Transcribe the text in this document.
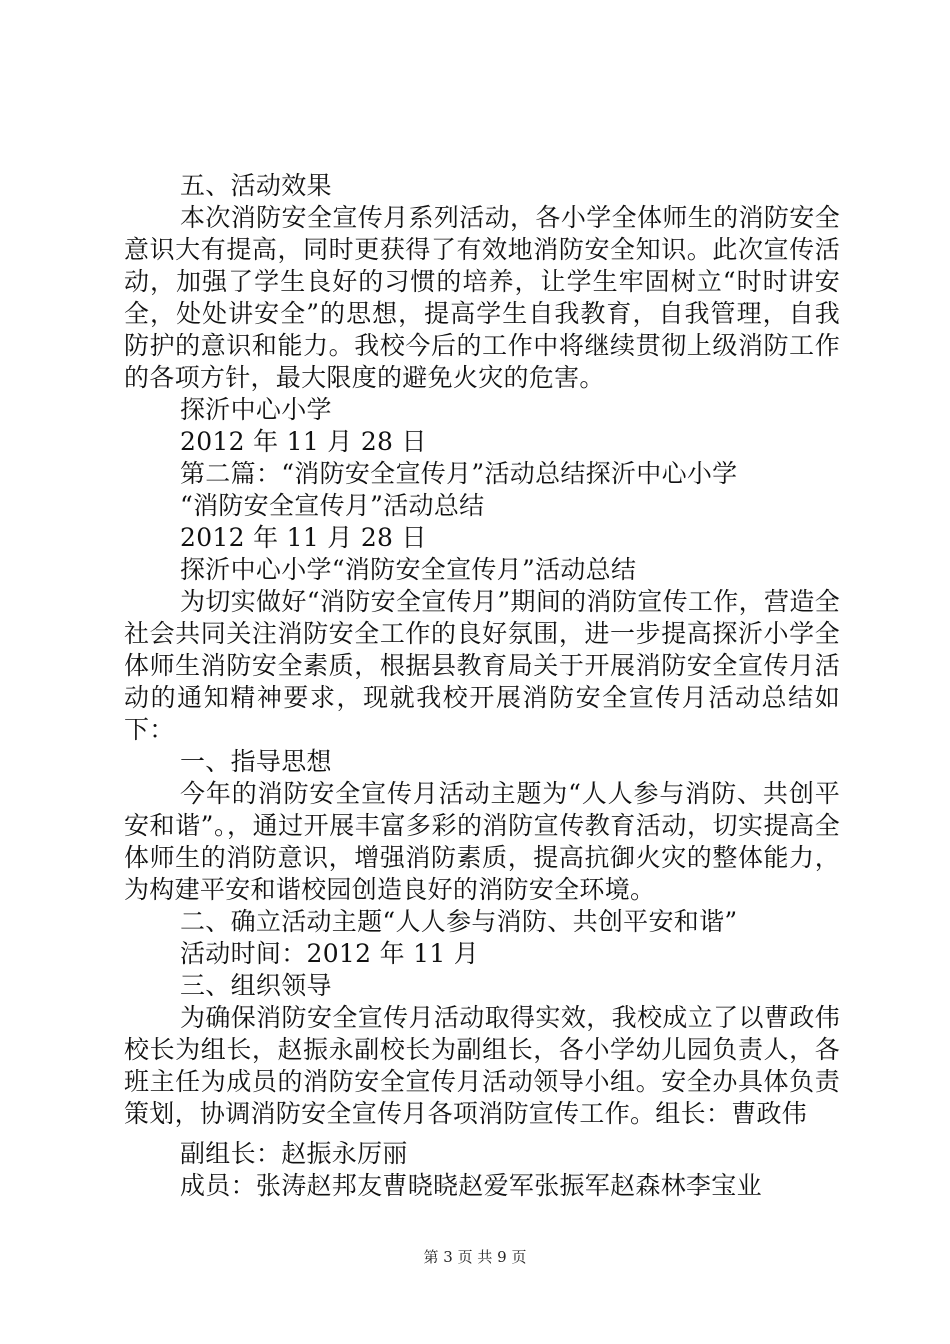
五、活动效果

本次消防安全宣传月系列活动，各小学全体师生的消防安全意识大有提高，同时更获得了有效地消防安全知识。此次宣传活动，加强了学生良好的习惯的培养，让学生牢固树立“时时讲安全，处处讲安全”的思想，提高学生自我教育，自我管理，自我防护的意识和能力。我校今后的工作中将继续贯彻上级消防工作的各项方针，最大限度的避免火灾的危害。

探沂中心小学

2012 年 11 月 28 日

第二篇：“消防安全宣传月”活动总结探沂中心小学

“消防安全宣传月”活动总结

2012 年 11 月 28 日

探沂中心小学“消防安全宣传月”活动总结

为切实做好“消防安全宣传月”期间的消防宣传工作，营造全社会共同关注消防安全工作的良好氛围，进一步提高探沂小学全体师生消防安全素质，根据县教育局关于开展消防安全宣传月活动的通知精神要求，现就我校开展消防安全宣传月活动总结如下：

一、指导思想

今年的消防安全宣传月活动主题为“人人参与消防、共创平安和谐”。，通过开展丰富多彩的消防宣传教育活动，切实提高全体师生的消防意识，增强消防素质，提高抗御火灾的整体能力，为构建平安和谐校园创造良好的消防安全环境。

二、确立活动主题“人人参与消防、共创平安和谐”

活动时间：2012 年 11 月

三、组织领导

为确保消防安全宣传月活动取得实效，我校成立了以曹政伟校长为组长，赵振永副校长为副组长，各小学幼儿园负责人，各班主任为成员的消防安全宣传月活动领导小组。安全办具体负责策划，协调消防安全宣传月各项消防宣传工作。组长：曹政伟

副组长：赵振永厉丽

成员：张涛赵邦友曹晓晓赵爱军张振军赵森林李宝业

第 3 页 共 9 页
